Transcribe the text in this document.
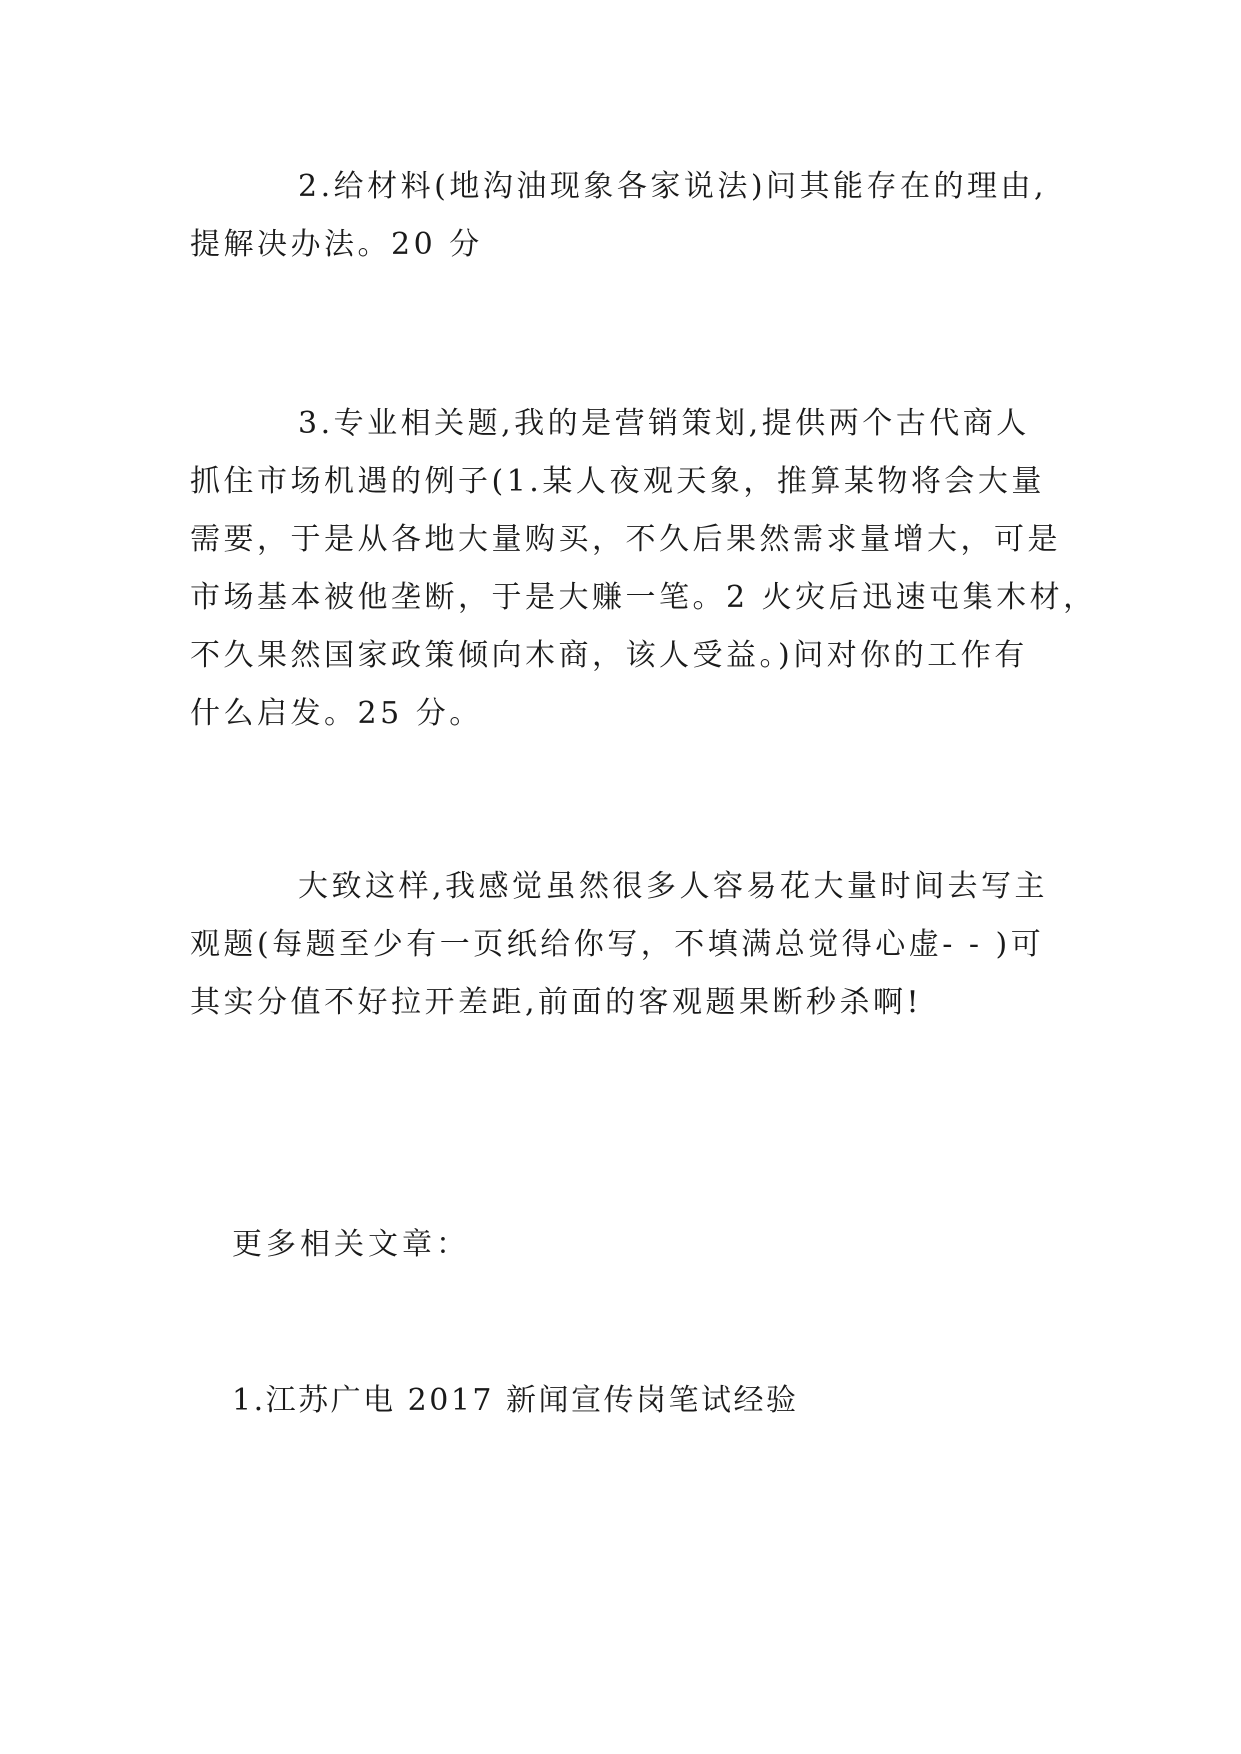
2.给材料(地沟油现象各家说法)问其能存在的理由,
提解决办法。20 分

3.专业相关题,我的是营销策划,提供两个古代商人
抓住市场机遇的例子(1.某人夜观天象，推算某物将会大量
需要，于是从各地大量购买，不久后果然需求量增大，可是
市场基本被他垄断，于是大赚一笔。2 火灾后迅速屯集木材，
不久果然国家政策倾向木商，该人受益。)问对你的工作有
什么启发。25 分。

大致这样,我感觉虽然很多人容易花大量时间去写主
观题(每题至少有一页纸给你写，不填满总觉得心虚- - )可
其实分值不好拉开差距,前面的客观题果断秒杀啊!

更多相关文章：

1.江苏广电 2017 新闻宣传岗笔试经验
